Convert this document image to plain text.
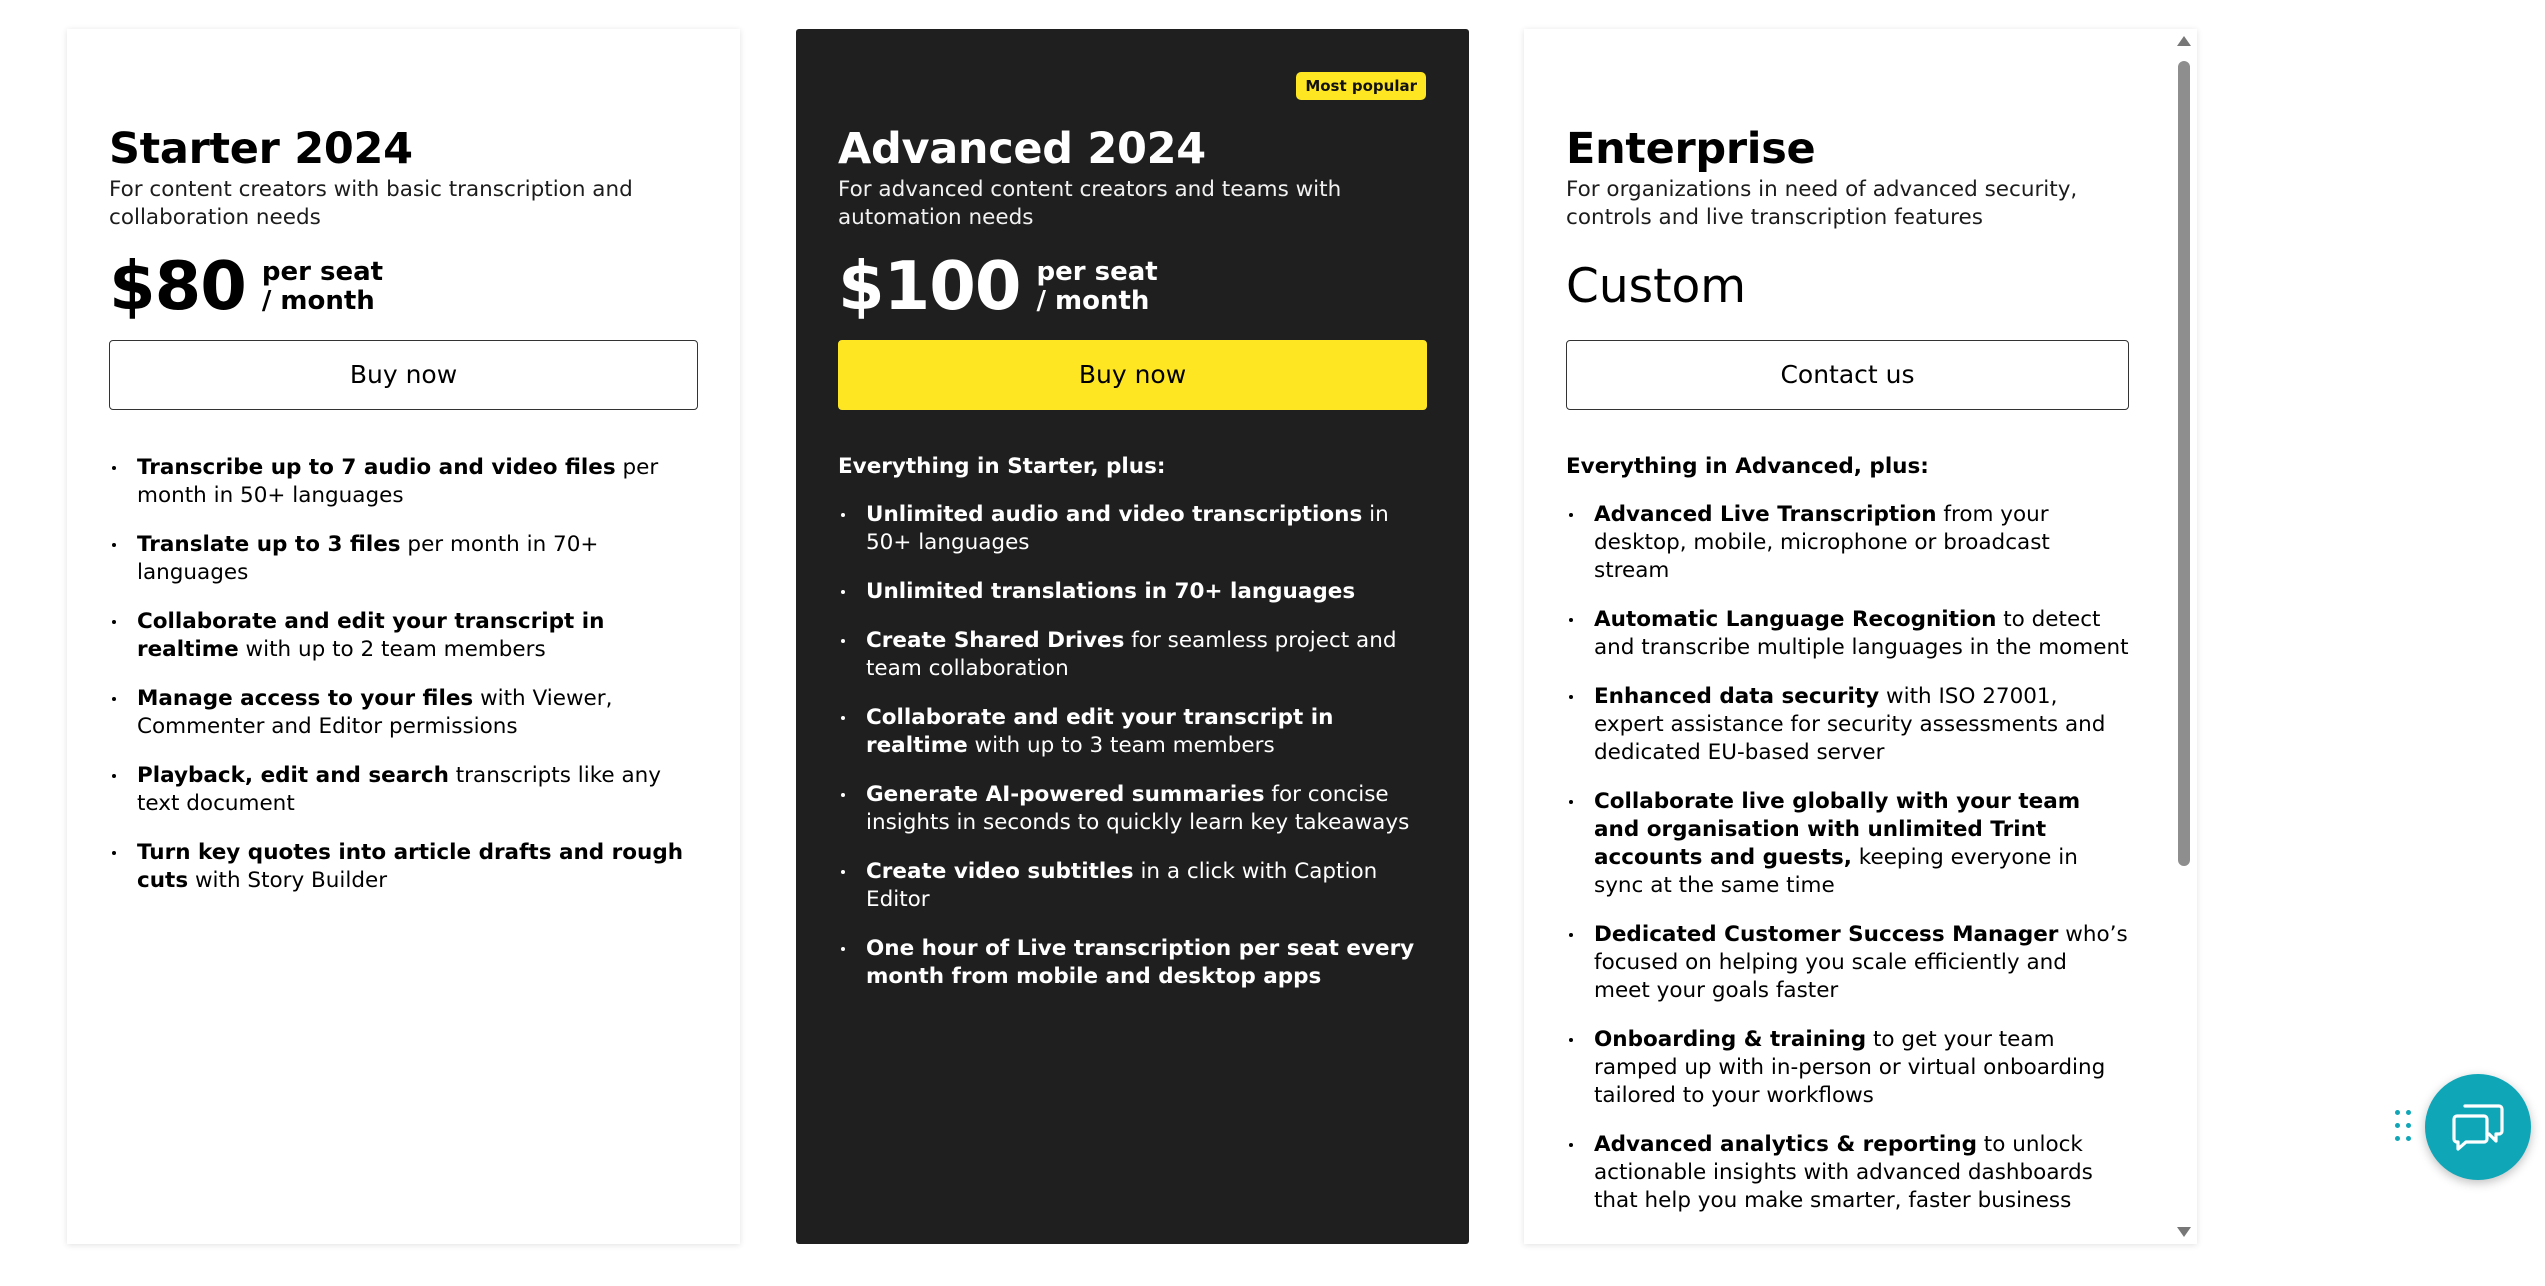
Starter 2024
For content creators with basic transcription and collaboration needs
$80 per seat
/ month
Buy now
Transcribe up to 7 audio and video files per month in 50+ languages
Translate up to 3 files per month in 70+ languages
Collaborate and edit your transcript in realtime with up to 2 team members
Manage access to your files with Viewer, Commenter and Editor permissions
Playback, edit and search transcripts like any text document
Turn key quotes into article drafts and rough cuts with Story Builder
Most popular
Advanced 2024
For advanced content creators and teams with automation needs
$100 per seat
/ month
Buy now
Everything in Starter, plus:
Unlimited audio and video transcriptions in 50+ languages
Unlimited translations in 70+ languages
Create Shared Drives for seamless project and team collaboration
Collaborate and edit your transcript in realtime with up to 3 team members
Generate AI-powered summaries for concise insights in seconds to quickly learn key takeaways
Create video subtitles in a click with Caption Editor
One hour of Live transcription per seat every month from mobile and desktop apps
Enterprise
For organizations in need of advanced security, controls and live transcription features
Custom
Contact us
Everything in Advanced, plus:
Advanced Live Transcription from your desktop, mobile, microphone or broadcast stream
Automatic Language Recognition to detect and transcribe multiple languages in the moment
Enhanced data security with ISO 27001, expert assistance for security assessments and dedicated EU-based server
Collaborate live globally with your team and organisation with unlimited Trint accounts and guests, keeping everyone in sync at the same time
Dedicated Customer Success Manager who’s focused on helping you scale efficiently and meet your goals faster
Onboarding & training to get your team ramped up with in-person or virtual onboarding tailored to your workflows
Advanced analytics & reporting to unlock actionable insights with advanced dashboards that help you make smarter, faster business
